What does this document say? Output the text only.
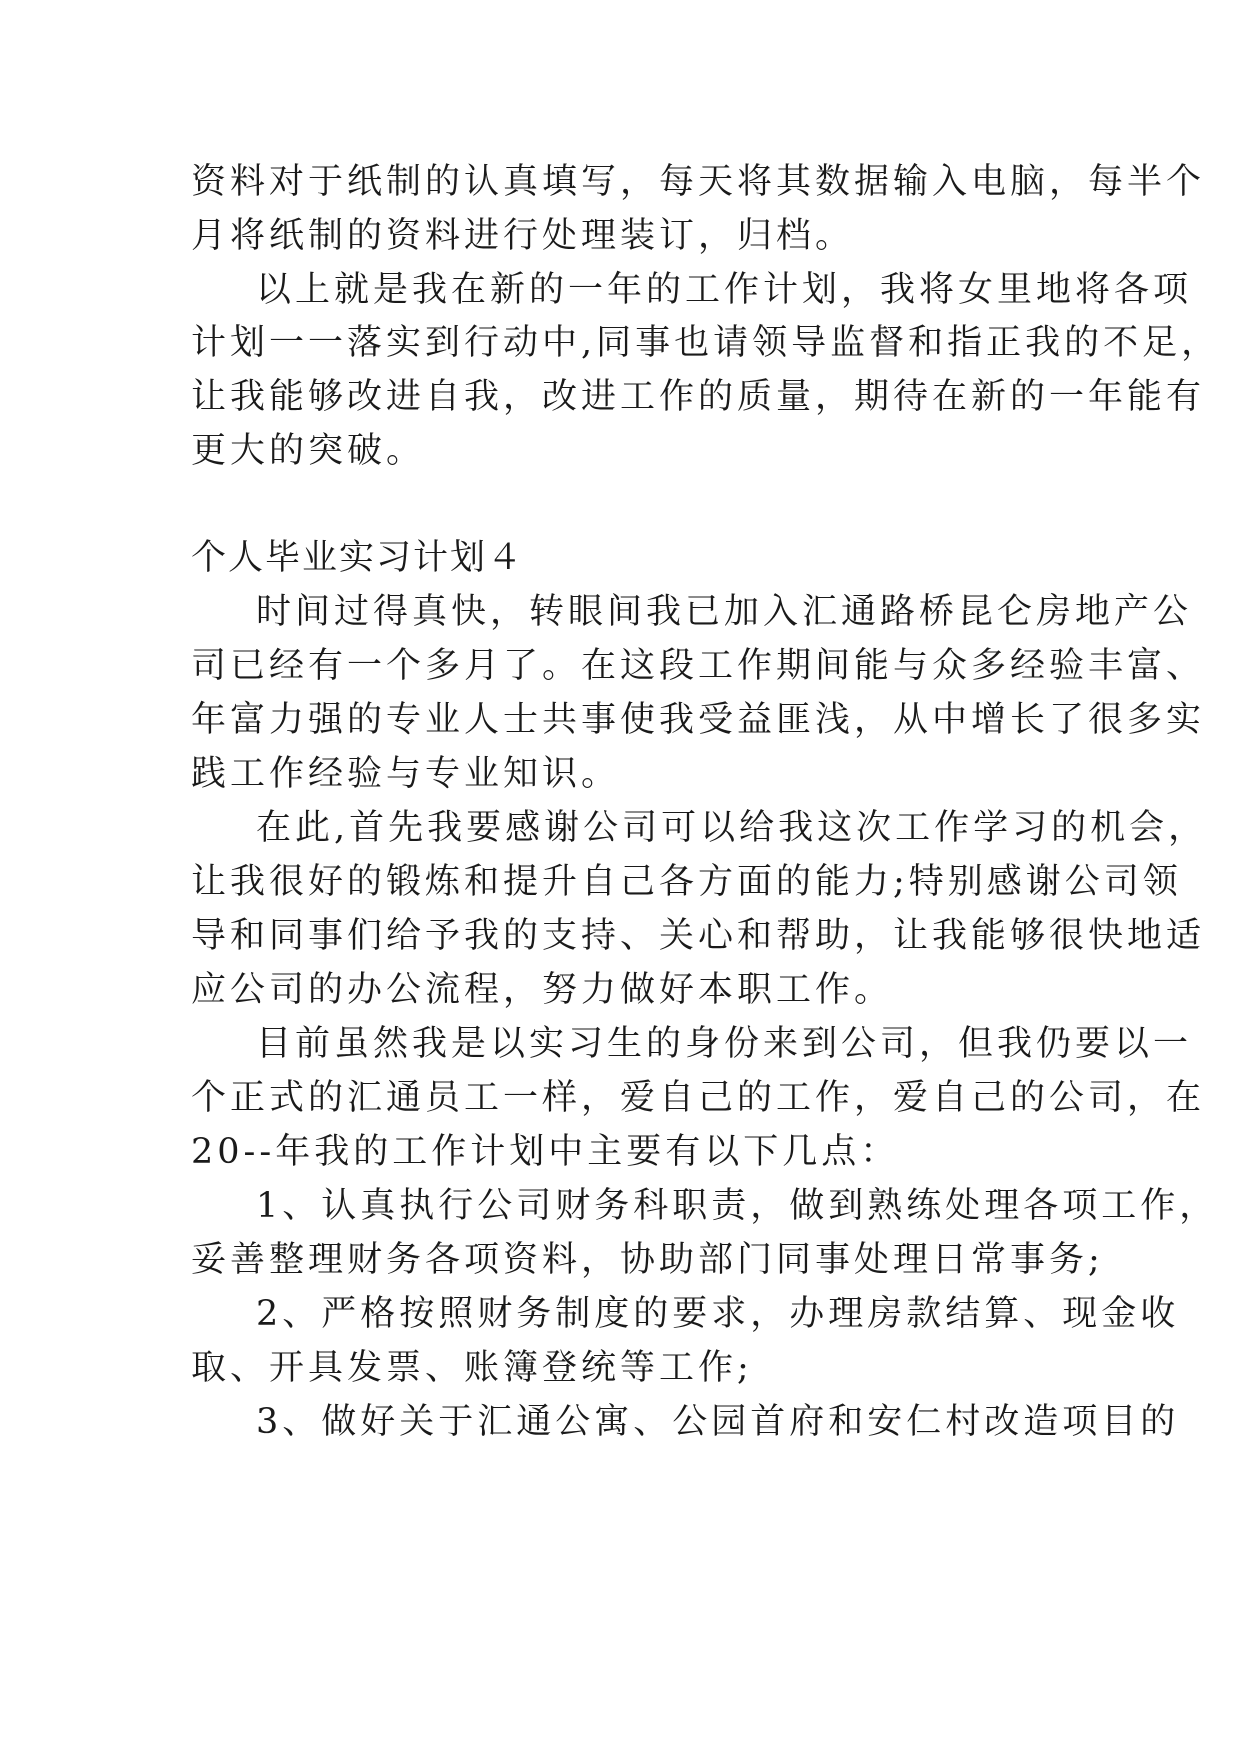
资料对于纸制的认真填写，每天将其数据输入电脑，每半个
月将纸制的资料进行处理装订，归档。
以上就是我在新的一年的工作计划，我将女里地将各项
计划一一落实到行动中,同事也请领导监督和指正我的不足，
让我能够改进自我，改进工作的质量，期待在新的一年能有
更大的突破。
个人毕业实习计划４
时间过得真快，转眼间我已加入汇通路桥昆仑房地产公
司已经有一个多月了。在这段工作期间能与众多经验丰富、
年富力强的专业人士共事使我受益匪浅，从中增长了很多实
践工作经验与专业知识。
在此,首先我要感谢公司可以给我这次工作学习的机会，
让我很好的锻炼和提升自己各方面的能力;特别感谢公司领
导和同事们给予我的支持、关心和帮助，让我能够很快地适
应公司的办公流程，努力做好本职工作。
目前虽然我是以实习生的身份来到公司，但我仍要以一
个正式的汇通员工一样，爱自己的工作，爱自己的公司，在
20--年我的工作计划中主要有以下几点：
1、认真执行公司财务科职责，做到熟练处理各项工作，
妥善整理财务各项资料，协助部门同事处理日常事务;
2、严格按照财务制度的要求，办理房款结算、现金收
取、开具发票、账簿登统等工作;
3、做好关于汇通公寓、公园首府和安仁村改造项目的
